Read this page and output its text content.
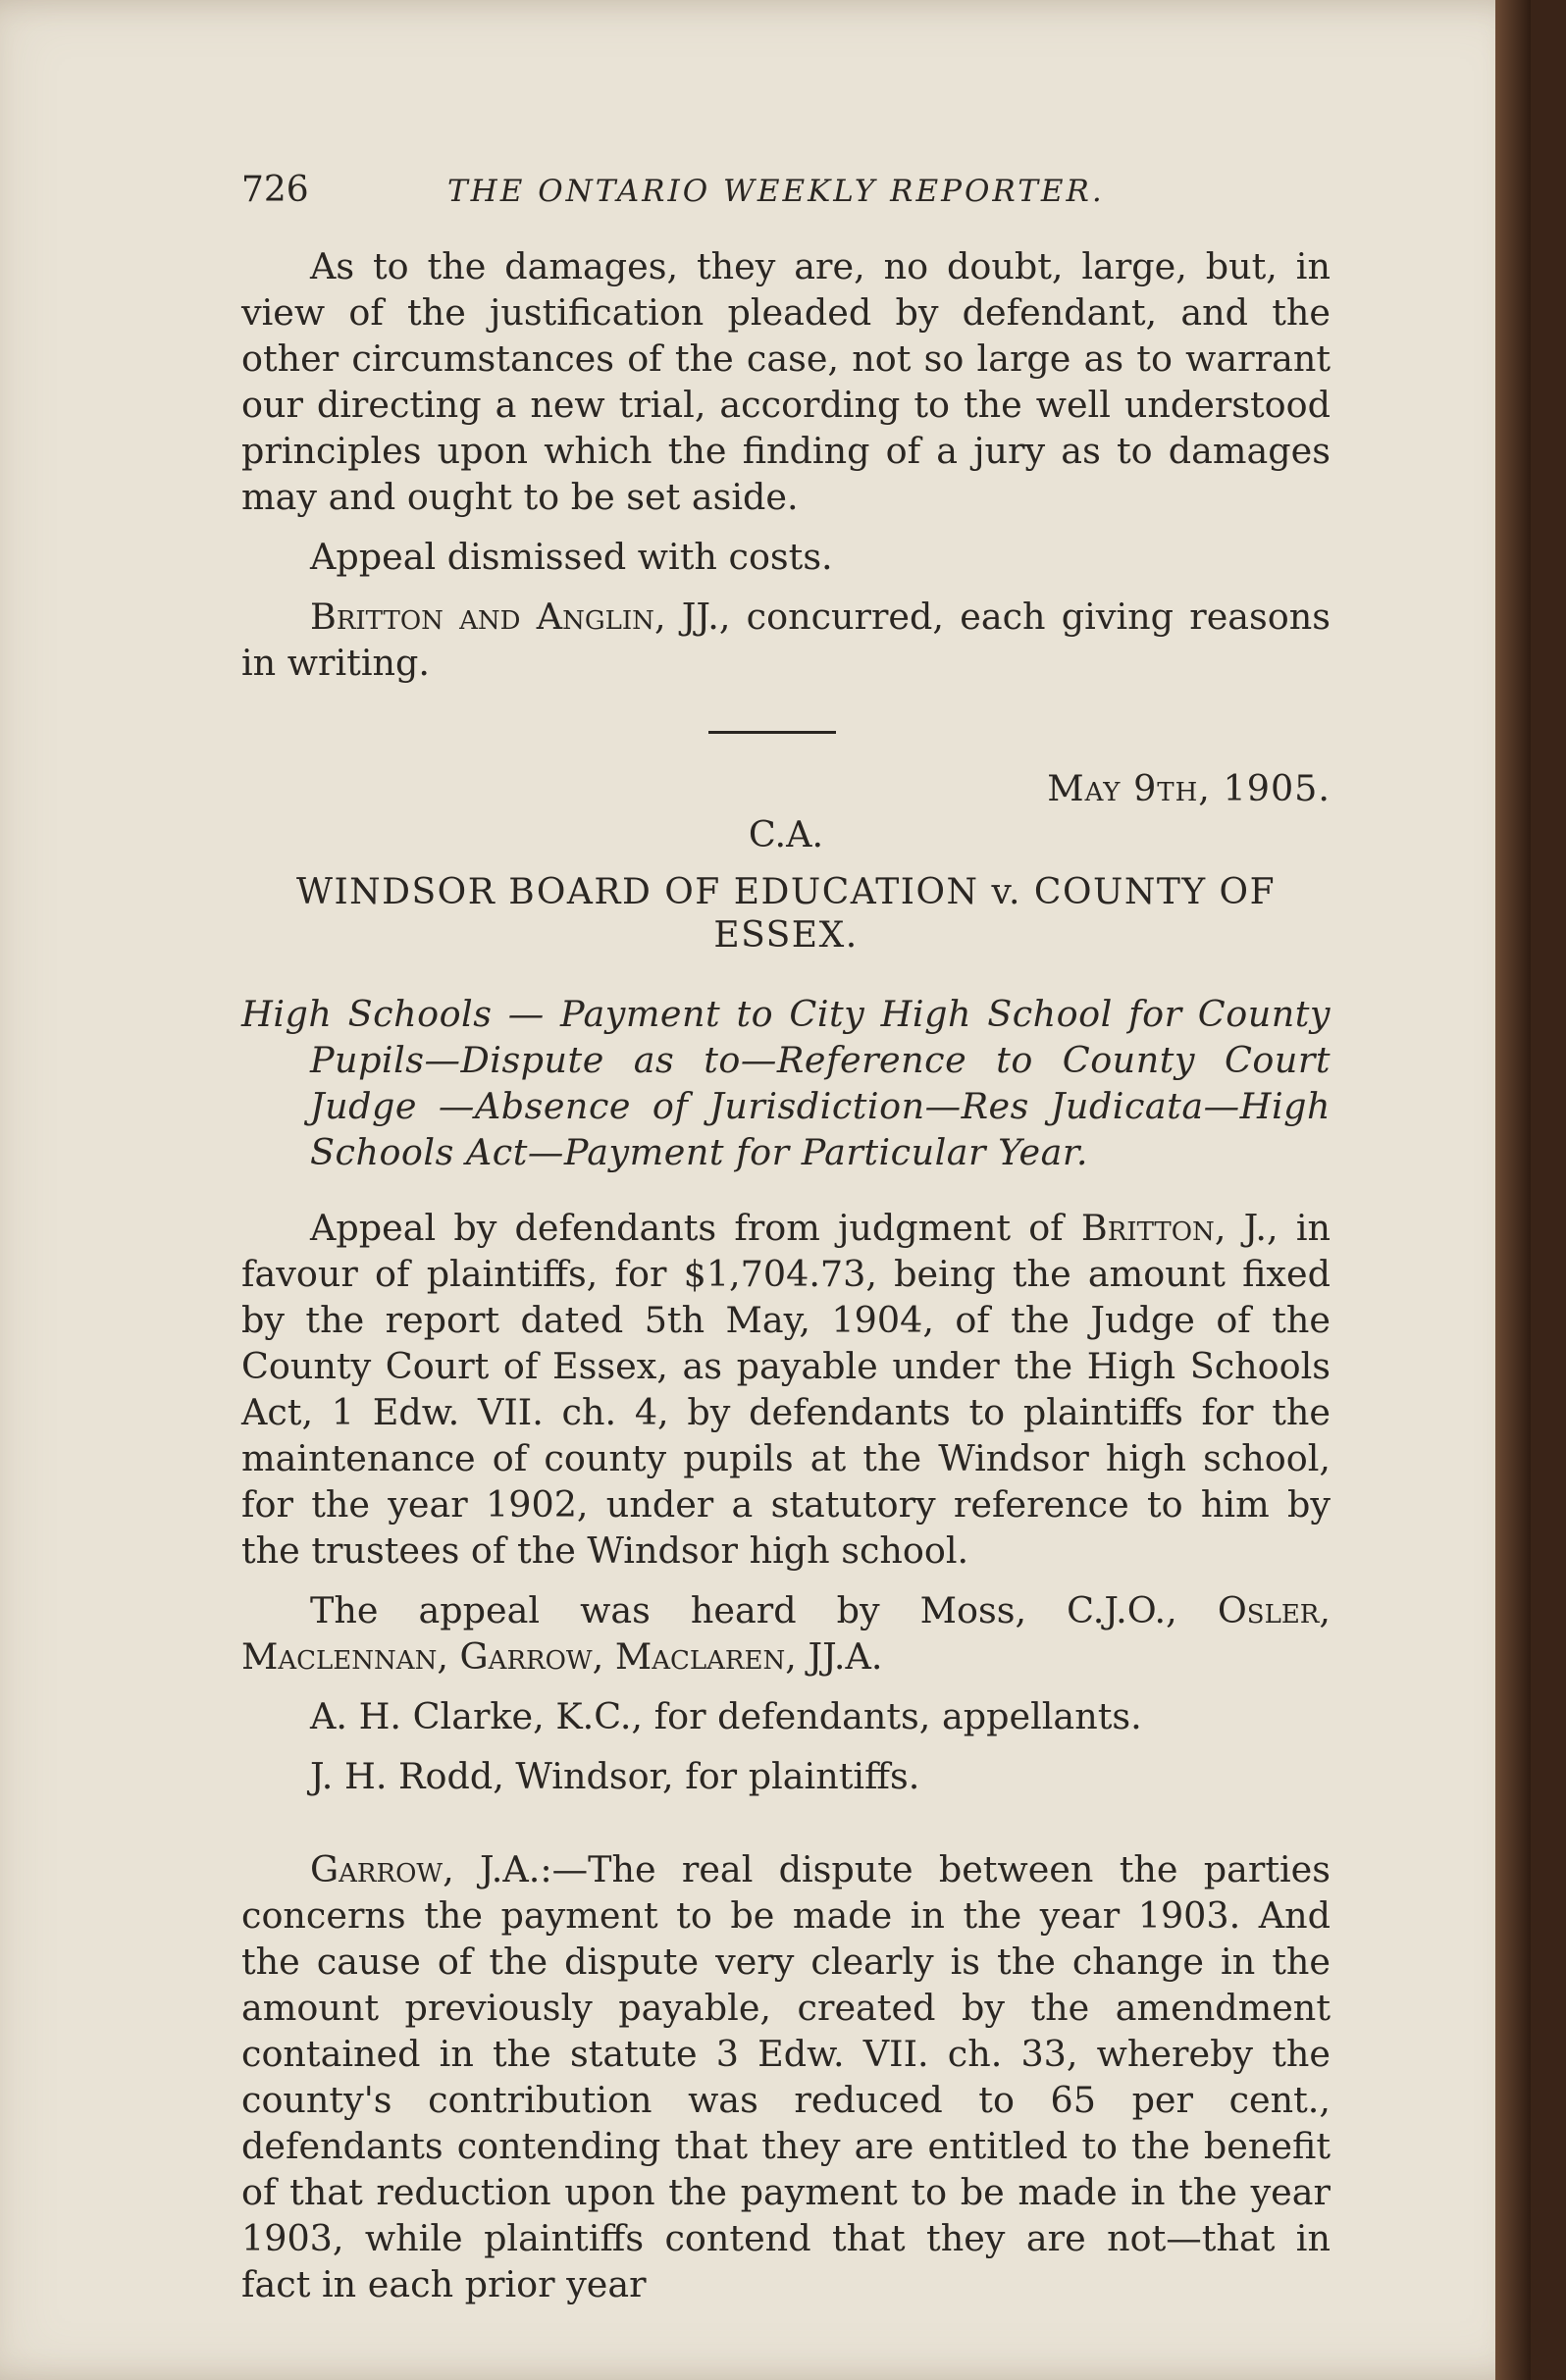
726	THE ONTARIO WEEKLY REPORTER.

As to the damages, they are, no doubt, large, but, in view of the justification pleaded by defendant, and the other circumstances of the case, not so large as to warrant our directing a new trial, according to the well understood principles upon which the finding of a jury as to damages may and ought to be set aside.

Appeal dismissed with costs.

Britton and Anglin, JJ., concurred, each giving reasons in writing.

May 9th, 1905.
C.A.
WINDSOR BOARD OF EDUCATION v. COUNTY OF ESSEX.
High Schools — Payment to City High School for County Pupils—Dispute as to—Reference to County Court Judge —Absence of Jurisdiction—Res Judicata—High Schools Act—Payment for Particular Year.

Appeal by defendants from judgment of Britton, J., in favour of plaintiffs, for $1,704.73, being the amount fixed by the report dated 5th May, 1904, of the Judge of the County Court of Essex, as payable under the High Schools Act, 1 Edw. VII. ch. 4, by defendants to plaintiffs for the maintenance of county pupils at the Windsor high school, for the year 1902, under a statutory reference to him by the trustees of the Windsor high school.

The appeal was heard by Moss, C.J.O., Osler, Maclennan, Garrow, Maclaren, JJ.A.

A. H. Clarke, K.C., for defendants, appellants.

J. H. Rodd, Windsor, for plaintiffs.

Garrow, J.A.:—The real dispute between the parties concerns the payment to be made in the year 1903. And the cause of the dispute very clearly is the change in the amount previously payable, created by the amendment contained in the statute 3 Edw. VII. ch. 33, whereby the county's contribution was reduced to 65 per cent., defendants contending that they are entitled to the benefit of that reduction upon the payment to be made in the year 1903, while plaintiffs contend that they are not—that in fact in each prior year
